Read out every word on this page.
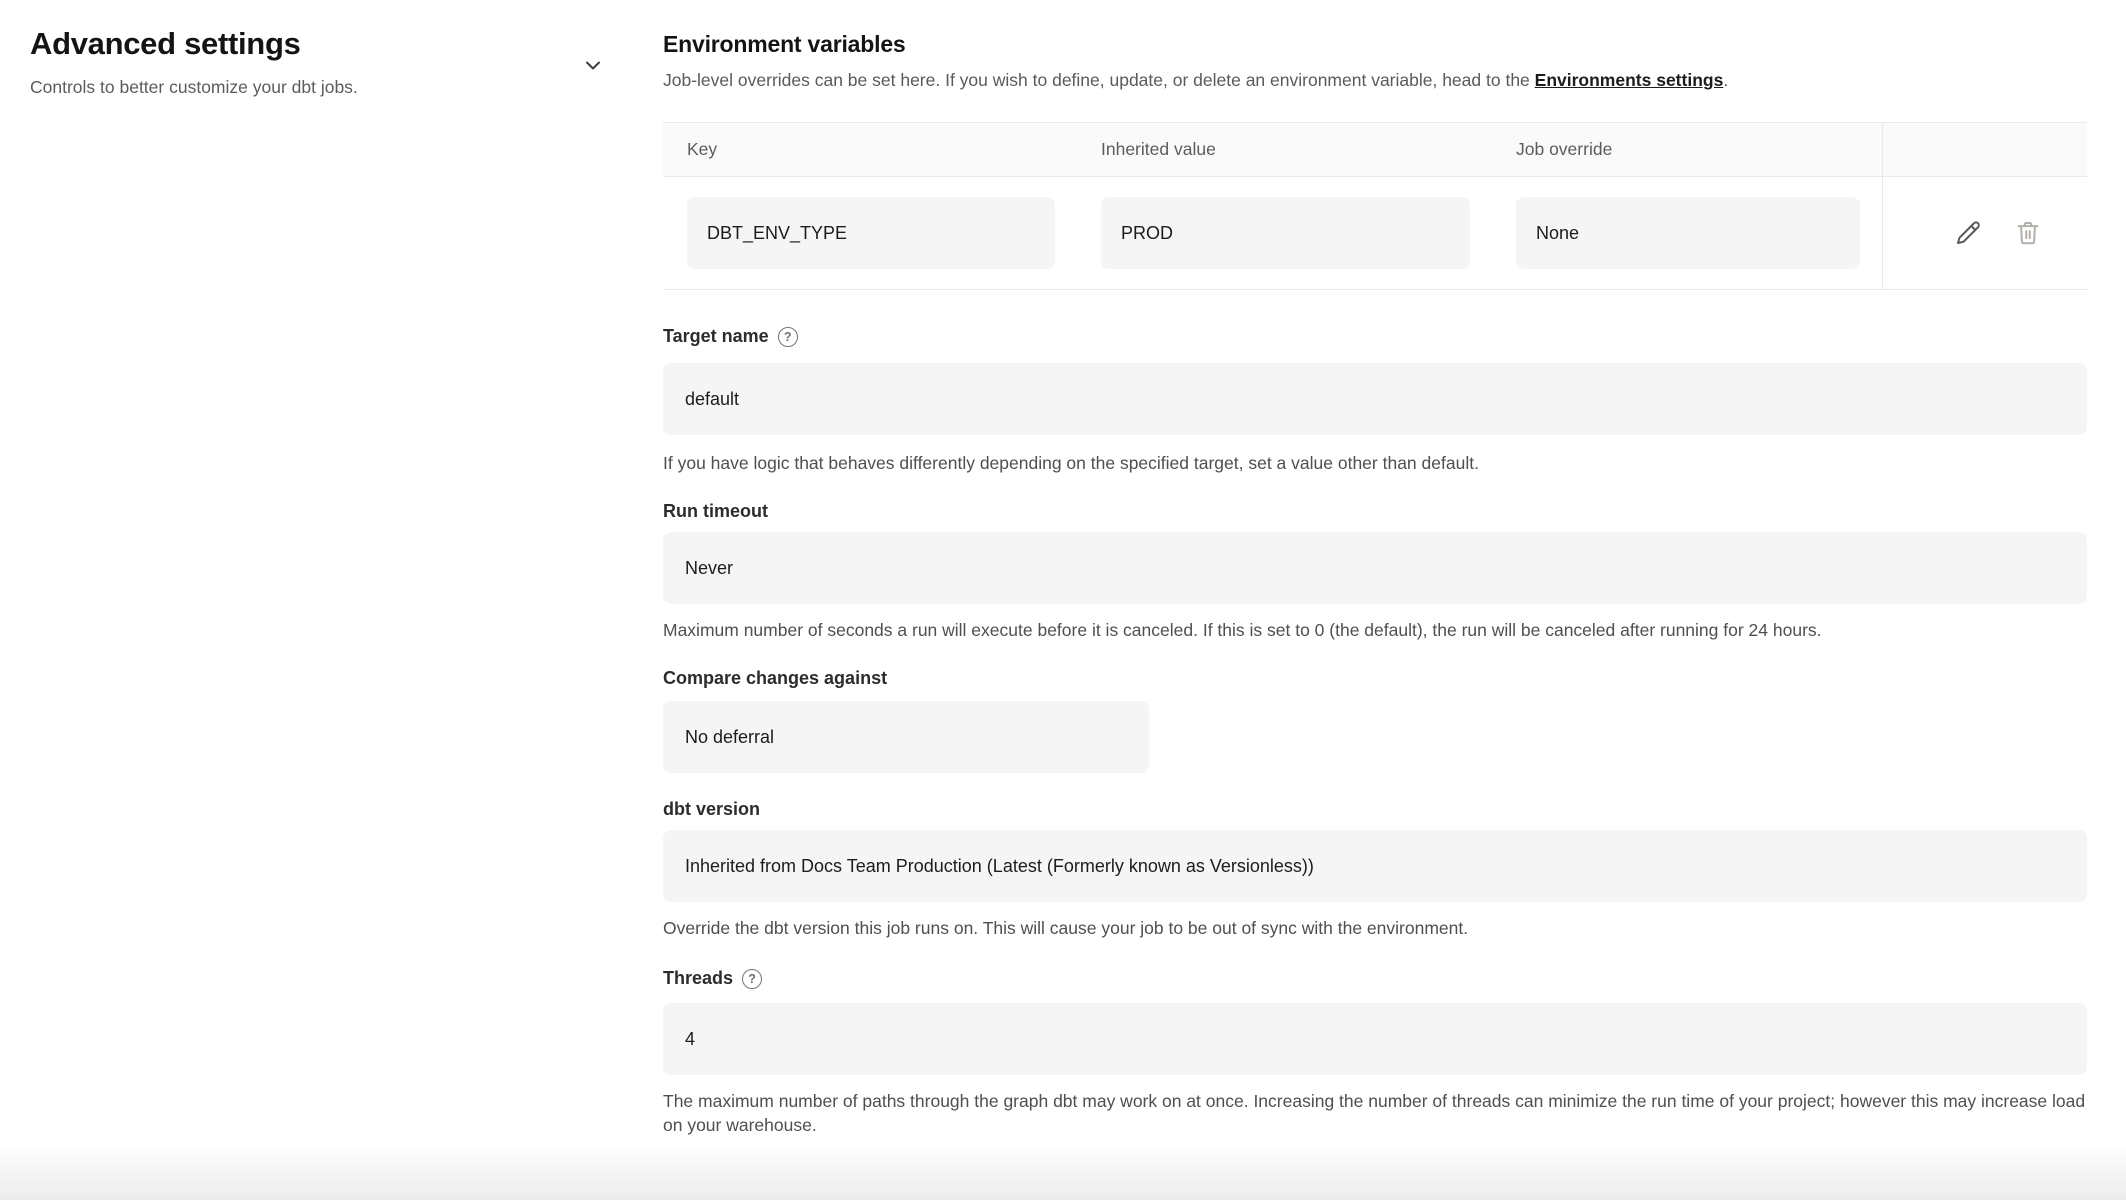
Advanced settings
Controls to better customize your dbt jobs.
Environment variables
Job-level overrides can be set here. If you wish to define, update, or delete an environment variable, head to the Environments settings.
Key	Inherited value	Job override
DBT_ENV_TYPE	PROD	None
Target name	?
default
If you have logic that behaves differently depending on the specified target, set a value other than default.
Run timeout
Never
Maximum number of seconds a run will execute before it is canceled. If this is set to 0 (the default), the run will be canceled after running for 24 hours.
Compare changes against
No deferral
dbt version
Inherited from Docs Team Production (Latest (Formerly known as Versionless))
Override the dbt version this job runs on. This will cause your job to be out of sync with the environment.
Threads	?
4
The maximum number of paths through the graph dbt may work on at once. Increasing the number of threads can minimize the run time of your project; however this may increase load on your warehouse.
